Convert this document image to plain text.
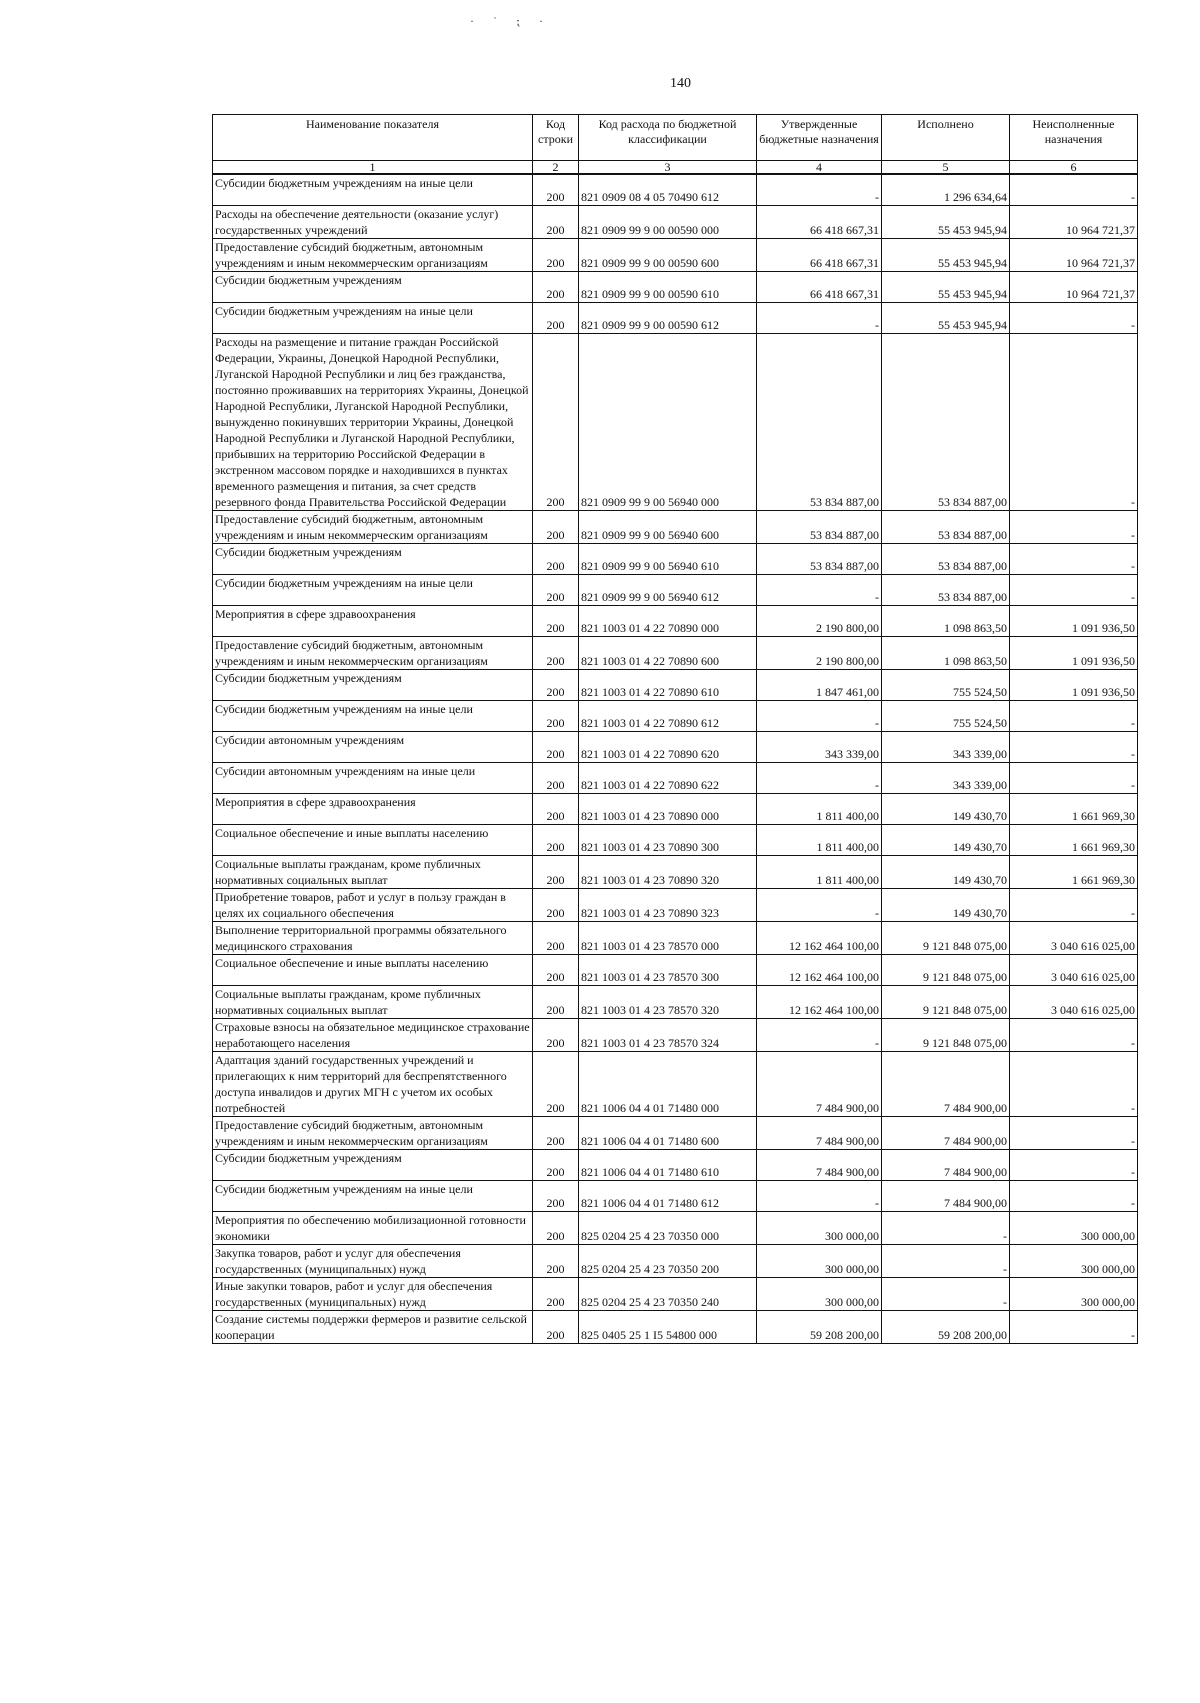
· ˙ ⁏ ·
140
Наименование показателя	Код строки	Код расхода по бюджетной классификации	Утвержденные бюджетные назначения	Исполнено	Неисполненные назначения
1	2	3	4	5	6
Субсидии бюджетным учреждениям на иные цели	200	821 0909 08 4 05 70490 612	-	1 296 634,64	-
Расходы на обеспечение деятельности (оказание услуг) государственных учреждений	200	821 0909 99 9 00 00590 000	66 418 667,31	55 453 945,94	10 964 721,37
Предоставление субсидий бюджетным, автономным учреждениям и иным некоммерческим организациям	200	821 0909 99 9 00 00590 600	66 418 667,31	55 453 945,94	10 964 721,37
Субсидии бюджетным учреждениям	200	821 0909 99 9 00 00590 610	66 418 667,31	55 453 945,94	10 964 721,37
Субсидии бюджетным учреждениям на иные цели	200	821 0909 99 9 00 00590 612	-	55 453 945,94	-
Расходы на размещение и питание граждан Российской Федерации, Украины, Донецкой Народной Республики, Луганской Народной Республики и лиц без гражданства, постоянно проживавших на территориях Украины, Донецкой Народной Республики, Луганской Народной Республики, вынужденно покинувших территории Украины, Донецкой Народной Республики и Луганской Народной Республики, прибывших на территорию Российской Федерации в экстренном массовом порядке и находившихся в пунктах временного размещения и питания, за счет средств резервного фонда Правительства Российской Федерации	200	821 0909 99 9 00 56940 000	53 834 887,00	53 834 887,00	-
Предоставление субсидий бюджетным, автономным учреждениям и иным некоммерческим организациям	200	821 0909 99 9 00 56940 600	53 834 887,00	53 834 887,00	-
Субсидии бюджетным учреждениям	200	821 0909 99 9 00 56940 610	53 834 887,00	53 834 887,00	-
Субсидии бюджетным учреждениям на иные цели	200	821 0909 99 9 00 56940 612	-	53 834 887,00	-
Мероприятия в сфере здравоохранения	200	821 1003 01 4 22 70890 000	2 190 800,00	1 098 863,50	1 091 936,50
Предоставление субсидий бюджетным, автономным учреждениям и иным некоммерческим организациям	200	821 1003 01 4 22 70890 600	2 190 800,00	1 098 863,50	1 091 936,50
Субсидии бюджетным учреждениям	200	821 1003 01 4 22 70890 610	1 847 461,00	755 524,50	1 091 936,50
Субсидии бюджетным учреждениям на иные цели	200	821 1003 01 4 22 70890 612	-	755 524,50	-
Субсидии автономным учреждениям	200	821 1003 01 4 22 70890 620	343 339,00	343 339,00	-
Субсидии автономным учреждениям на иные цели	200	821 1003 01 4 22 70890 622	-	343 339,00	-
Мероприятия в сфере здравоохранения	200	821 1003 01 4 23 70890 000	1 811 400,00	149 430,70	1 661 969,30
Социальное обеспечение и иные выплаты населению	200	821 1003 01 4 23 70890 300	1 811 400,00	149 430,70	1 661 969,30
Социальные выплаты гражданам, кроме публичных нормативных социальных выплат	200	821 1003 01 4 23 70890 320	1 811 400,00	149 430,70	1 661 969,30
Приобретение товаров, работ и услуг в пользу граждан в целях их социального обеспечения	200	821 1003 01 4 23 70890 323	-	149 430,70	-
Выполнение территориальной программы обязательного медицинского страхования	200	821 1003 01 4 23 78570 000	12 162 464 100,00	9 121 848 075,00	3 040 616 025,00
Социальное обеспечение и иные выплаты населению	200	821 1003 01 4 23 78570 300	12 162 464 100,00	9 121 848 075,00	3 040 616 025,00
Социальные выплаты гражданам, кроме публичных нормативных социальных выплат	200	821 1003 01 4 23 78570 320	12 162 464 100,00	9 121 848 075,00	3 040 616 025,00
Страховые взносы на обязательное медицинское страхование неработающего населения	200	821 1003 01 4 23 78570 324	-	9 121 848 075,00	-
Адаптация зданий государственных учреждений и прилегающих к ним территорий для беспрепятственного доступа инвалидов и других МГН с учетом их особых потребностей	200	821 1006 04 4 01 71480 000	7 484 900,00	7 484 900,00	-
Предоставление субсидий бюджетным, автономным учреждениям и иным некоммерческим организациям	200	821 1006 04 4 01 71480 600	7 484 900,00	7 484 900,00	-
Субсидии бюджетным учреждениям	200	821 1006 04 4 01 71480 610	7 484 900,00	7 484 900,00	-
Субсидии бюджетным учреждениям на иные цели	200	821 1006 04 4 01 71480 612	-	7 484 900,00	-
Мероприятия по обеспечению мобилизационной готовности экономики	200	825 0204 25 4 23 70350 000	300 000,00	-	300 000,00
Закупка товаров, работ и услуг для обеспечения государственных (муниципальных) нужд	200	825 0204 25 4 23 70350 200	300 000,00	-	300 000,00
Иные закупки товаров, работ и услуг для обеспечения государственных (муниципальных) нужд	200	825 0204 25 4 23 70350 240	300 000,00	-	300 000,00
Создание системы поддержки фермеров и развитие сельской кооперации	200	825 0405 25 1 I5 54800 000	59 208 200,00	59 208 200,00	-
